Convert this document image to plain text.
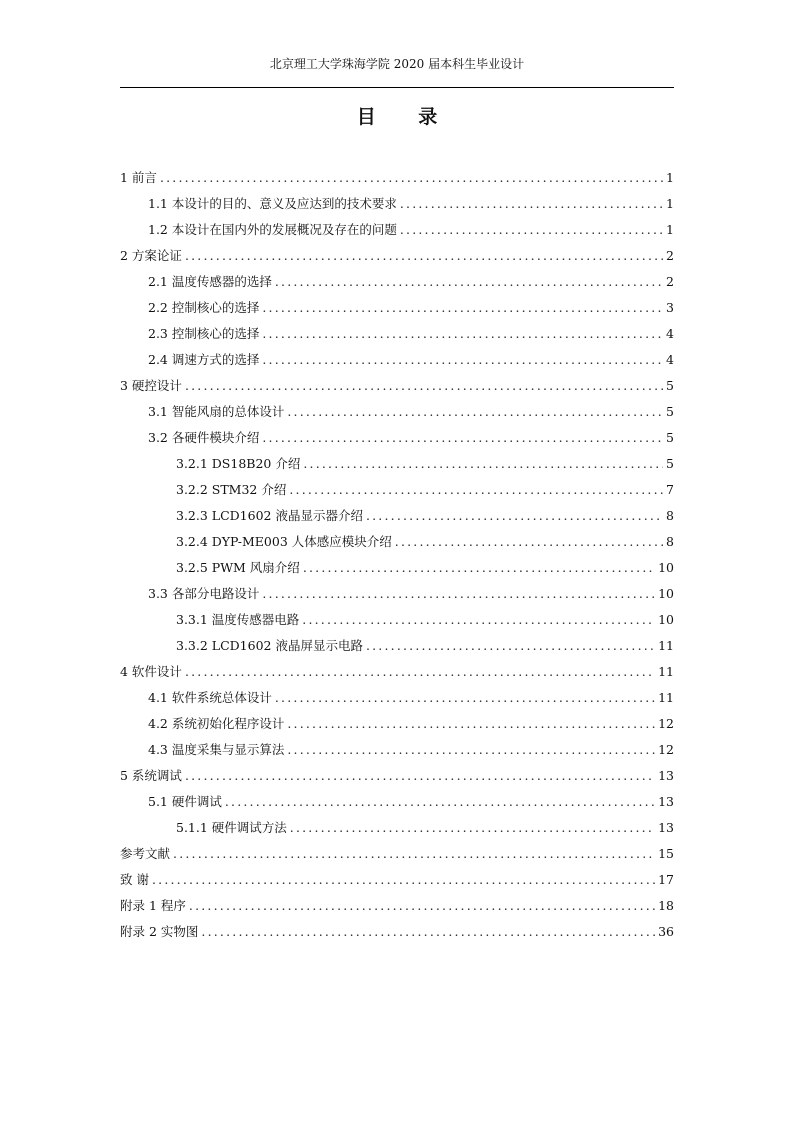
北京理工大学珠海学院 2020 届本科生毕业设计
目 录
1 前言 .....	1
1.1 本设计的目的、意义及应达到的技术要求 .....	1
1.2 本设计在国内外的发展概况及存在的问题 .....	1
2 方案论证 .....	2
2.1 温度传感器的选择 .....	2
2.2 控制核心的选择 .....	3
2.3 控制核心的选择 .....	4
2.4 调速方式的选择 .....	4
3 硬控设计 .....	5
3.1 智能风扇的总体设计 .....	5
3.2 各硬件模块介绍 .....	5
3.2.1 DS18B20 介绍 .....	5
3.2.2 STM32 介绍 .....	7
3.2.3 LCD1602 液晶显示器介绍 .....	8
3.2.4 DYP-ME003 人体感应模块介绍 .....	8
3.2.5 PWM 风扇介绍 .....	10
3.3 各部分电路设计 .....	10
3.3.1 温度传感器电路 .....	10
3.3.2 LCD1602 液晶屏显示电路 .....	11
4 软件设计 .....	11
4.1 软件系统总体设计 .....	11
4.2 系统初始化程序设计 .....	12
4.3 温度采集与显示算法 .....	12
5 系统调试 .....	13
5.1 硬件调试 .....	13
5.1.1 硬件调试方法 .....	13
参考文献 .....	15
致 谢 .....	17
附录 1 程序 .....	18
附录 2 实物图 .....	36
